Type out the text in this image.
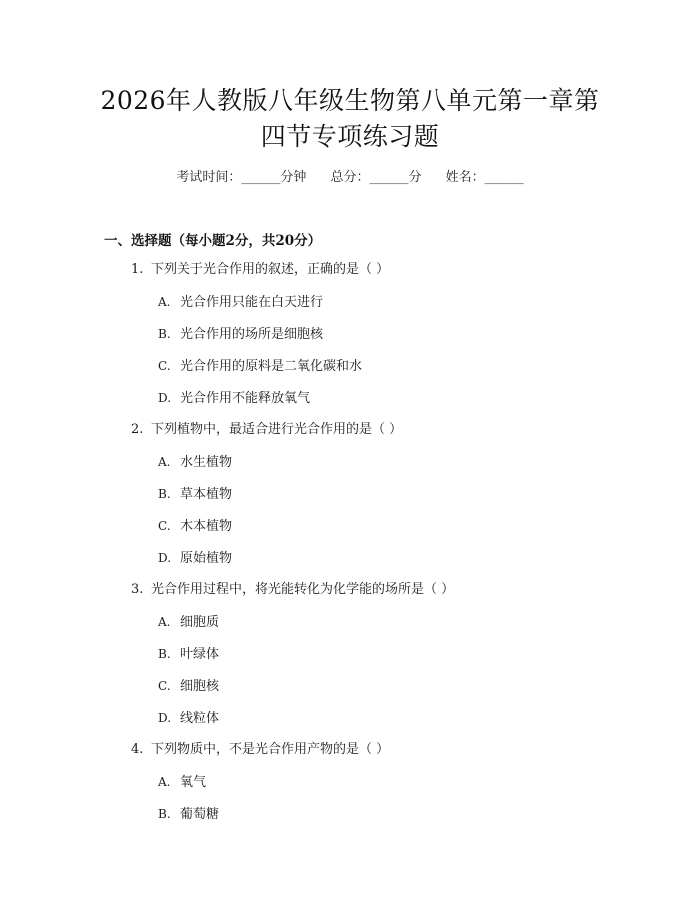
2026年人教版八年级生物第八单元第一章第
四节专项练习题
考试时间：______分钟 总分：______分 姓名：______
一、选择题（每小题2分，共20分）
1. 下列关于光合作用的叙述，正确的是（ ）
A. 光合作用只能在白天进行
B. 光合作用的场所是细胞核
C. 光合作用的原料是二氧化碳和水
D. 光合作用不能释放氧气
2. 下列植物中，最适合进行光合作用的是（ ）
A. 水生植物
B. 草本植物
C. 木本植物
D. 原始植物
3. 光合作用过程中，将光能转化为化学能的场所是（ ）
A. 细胞质
B. 叶绿体
C. 细胞核
D. 线粒体
4. 下列物质中，不是光合作用产物的是（ ）
A. 氧气
B. 葡萄糖
